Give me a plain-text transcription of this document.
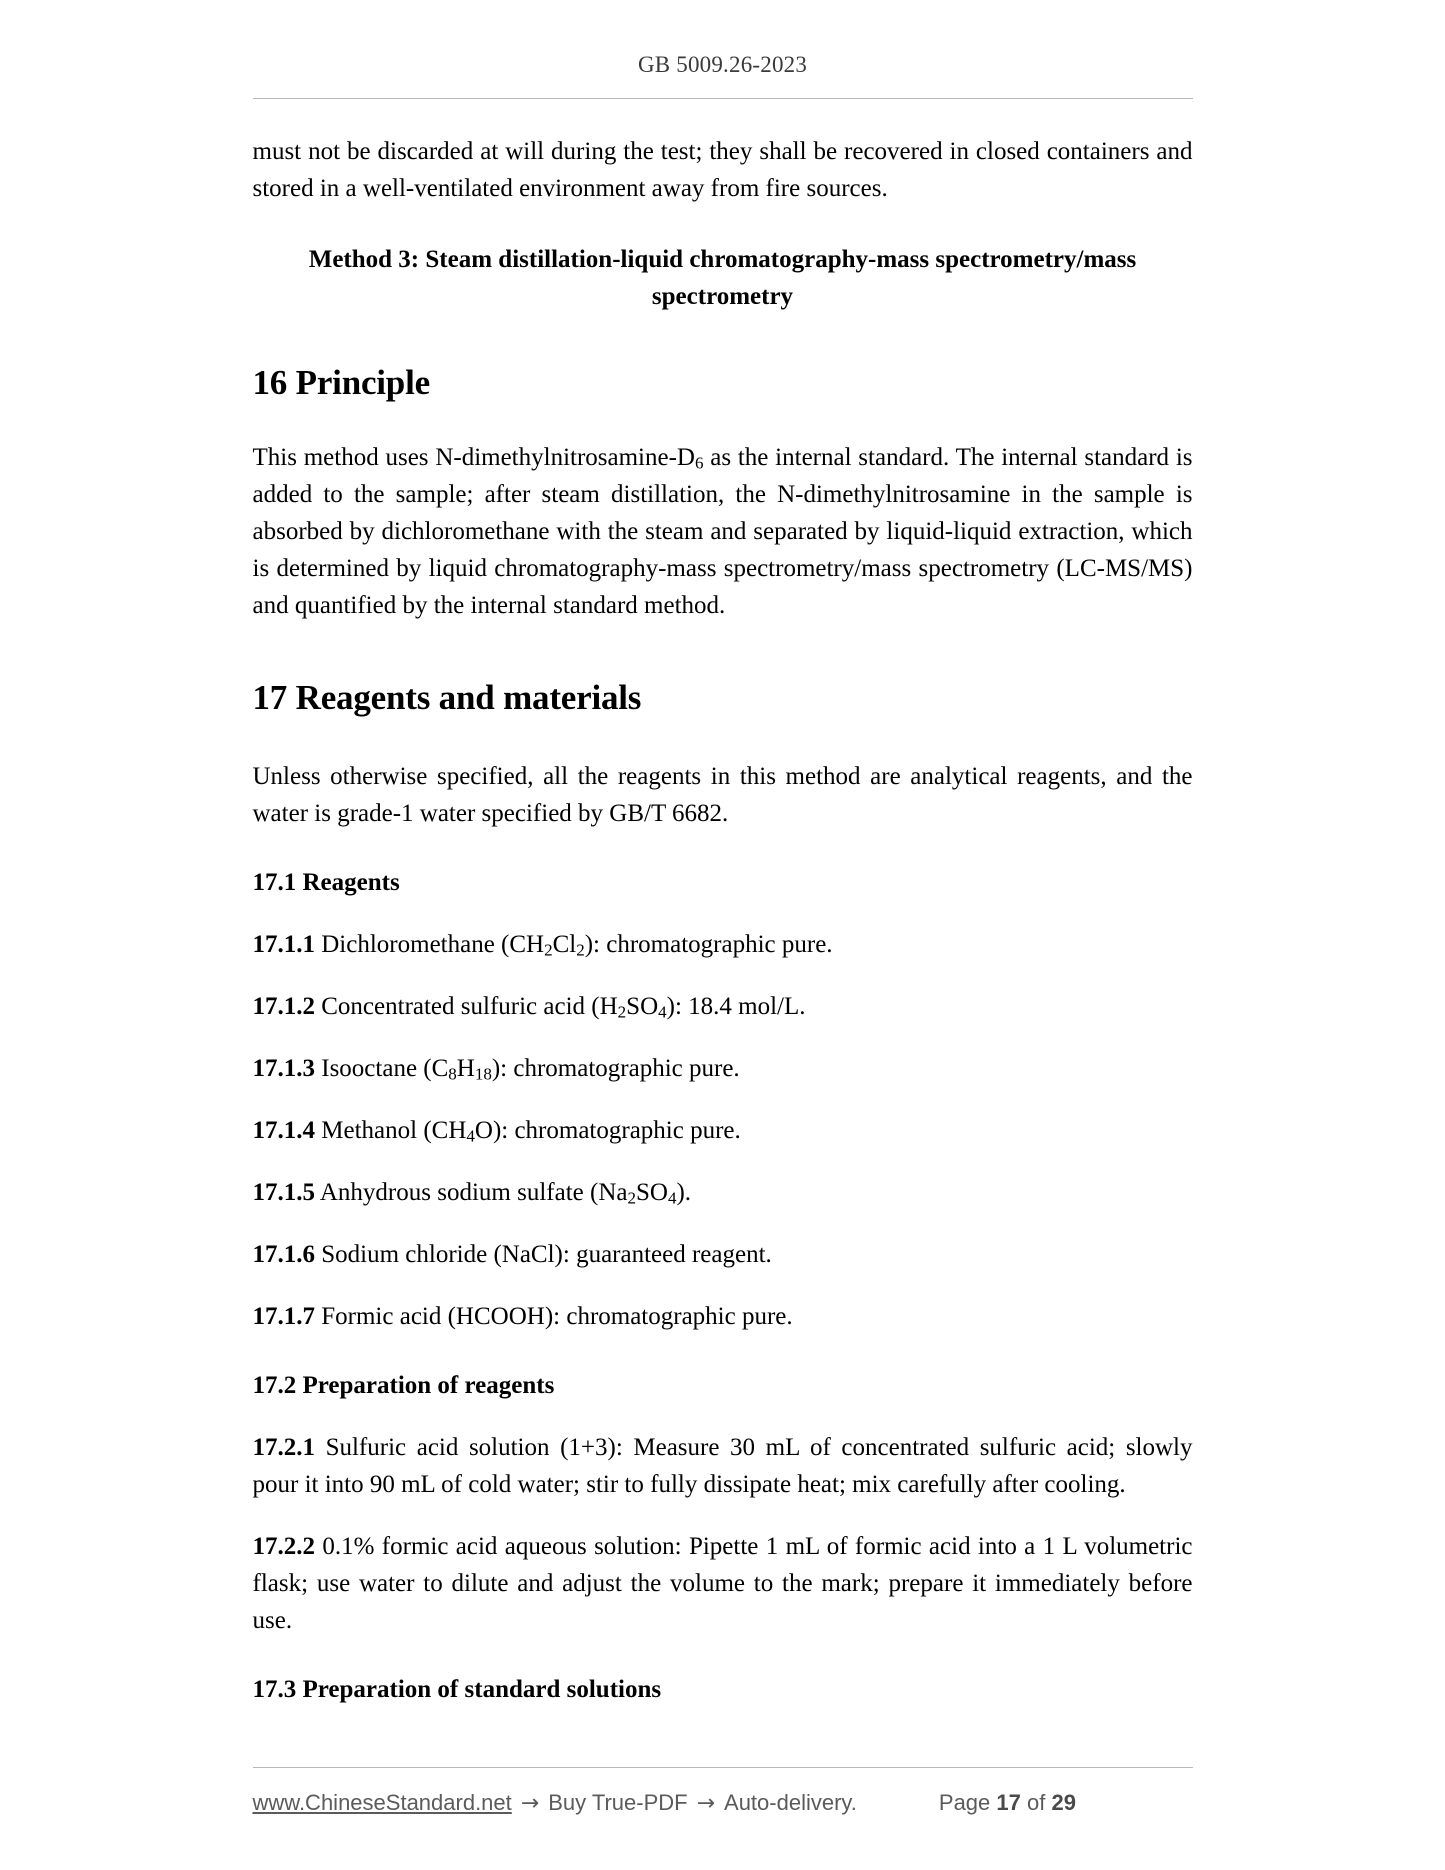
GB 5009.26-2023

must not be discarded at will during the test; they shall be recovered in closed containers and stored in a well-ventilated environment away from fire sources.

Method 3: Steam distillation-liquid chromatography-mass spectrometry/mass spectrometry
16 Principle

This method uses $N-dimethylnitrosamine-D_6$ as the internal standard. The internal standard is added to the sample; after steam distillation, the N-dimethylnitrosamine in the sample is absorbed by dichloromethane with the steam and separated by liquid-liquid extraction, which is determined by liquid chromatography-mass spectrometry/mass spectrometry (LC-MS/MS) and quantified by the internal standard method.

17 Reagents and materials

Unless otherwise specified, all the reagents in this method are analytical reagents, and the water is grade-1 water specified by GB/T 6682.

17.1 Reagents

17.1.1 Dichloromethane $(CH_2Cl_2)$: chromatographic pure.

17.1.2 Concentrated sulfuric acid $(H_2SO_4)$: 18.4 mol/L.

17.1.3 Isooctane $(C_8H_{18})$: chromatographic pure.

17.1.4 Methanol $(CH_4O)$: chromatographic pure.

17.1.5 Anhydrous sodium sulfate $(Na_2SO_4)$.

17.1.6 Sodium chloride (NaCl): guaranteed reagent.

17.1.7 Formic acid (HCOOH): chromatographic pure.

17.2 Preparation of reagents

17.2.1 Sulfuric acid solution (1+3): Measure 30 mL of concentrated sulfuric acid; slowly pour it into 90 mL of cold water; stir to fully dissipate heat; mix carefully after cooling.

17.2.2 0.1% formic acid aqueous solution: Pipette 1 mL of formic acid into a 1 L volumetric flask; use water to dilute and adjust the volume to the mark; prepare it immediately before use.

17.3 Preparation of standard solutions
www.ChineseStandard.net → Buy True-PDF → Auto-delivery.	Page 17 of 29
